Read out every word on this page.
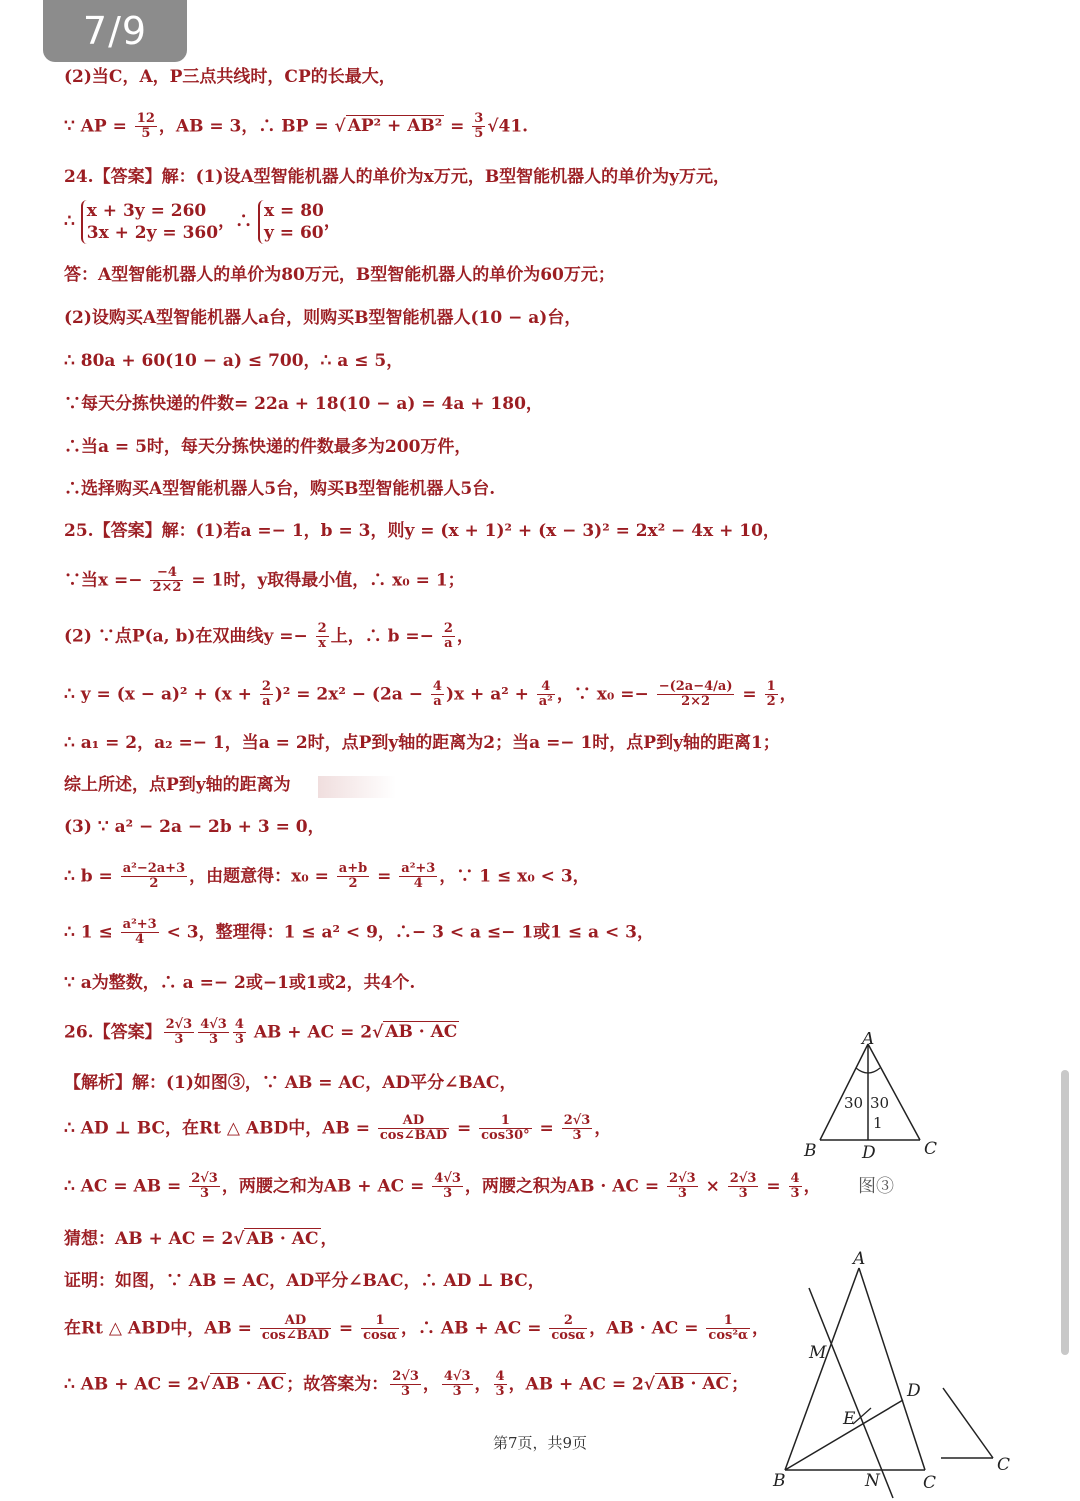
7/9
(2)当C，A，P三点共线时，CP的长最大，
∵ AP = $\frac{12}{5}$ ，AB = 3，∴ BP = √ $AP^2 + AB^2 = \frac{3}{5} √41$.
24.【答案】解：(1)设A型智能机器人的单价为x万元，B型智能机器人的单价为y万元，
∴
x + 3y = 260
3x + 2y = 360
，∴
x = 80
y = 60
，
答：A型智能机器人的单价为80万元，B型智能机器人的单价为60万元；
(2)设购买A型智能机器人a台，则购买B型智能机器人(10 − a)台，
∴ 80a + 60(10 − a) ≤ 700，∴ a ≤ 5，
∵每天分拣快递的件数= 22a + 18(10 − a) = 4a + 180，
∴当a = 5时，每天分拣快递的件数最多为200万件，
∴选择购买A型智能机器人5台，购买B型智能机器人5台.
25.【答案】解：(1)若a =− 1，b = 3，则y = (x + 1)² + (x − 3)² = 2x² − 4x + 10，
∵当$x =- \frac{-4}{2\times 2} = 1$时，y取得最小值，∴ x₀ = 1；
(2) ∵点P(a, b)在双曲线$y =- \frac{2}{x}$ 上，∴ $b =- \frac{2}{a}$ ，
∴ $y = (x - a)^2 + (x + \frac{2}{a} )^2 = 2x^2 - (2a - \frac{4}{a} )x + a^2 + \frac{4}{\text{a²}}$ ，∵ $x_0 =- \frac{-(2a-4/a)}{2\times 2} = \frac{1}{2}$ ，
∴ a₁ = 2，a₂ =− 1，当a = 2时，点P到y轴的距离为2；当a =− 1时，点P到y轴的距离1；
综上所述，点P到y轴的距离为
(3) ∵ a² − 2a − 2b + 3 = 0，
∴ $b = \frac{\text{a²−2a+3}}{2}$ ，由题意得：$x_0 = \frac{a+b}{2} = \frac{\text{a²+3}}{4}$ ，∵ 1 ≤ x₀ < 3，
∴ $1 \le \frac{\text{a²+3}}{4} < 3$，整理得：1 ≤ a² < 9，∴− 3 < a ≤− 1或1 ≤ a < 3，
∵ a为整数，∴ a =− 2或−1或1或2，共4个.
26.【答案】 $\frac{2√3}{3} \frac{4√3}{3} \frac{4}{3}$ AB + AC = 2√ AB · AC
【解析】解：(1)如图③，∵ AB = AC，AD平分∠BAC，
∴ AD ⊥ BC，在Rt △ ABD中，AB = $\frac{AD}{\text{cos∠BAD}} = \frac{1}{\cos 30^\circ} = \frac{2√3}{3}$ ，
∴ AC = AB = $\frac{2√3}{3}$ ，两腰之和为AB + AC = $\frac{4√3}{3}$ ，两腰之积为AB · AC = $\frac{2√3}{3} \times \frac{2√3}{3} = \frac{4}{3}$ ，
猜想：AB + AC = 2√ AB · AC ，
证明：如图，∵ AB = AC，AD平分∠BAC，∴ AD ⊥ BC，
在Rt △ ABD中，AB = $\frac{AD}{\text{cos∠BAD}} = \frac{1}{\cos\alpha}$ ，∴ AB + AC = $\frac{2}{\cos\alpha}$ ，AB · AC = $\frac{1}{\text{cos²α}}$ ，
∴ AB + AC = 2√ AB · AC ；故答案为： $\frac{2√3}{3}$ ， $\frac{4√3}{3}$ ， $\frac{4}{3}$ ，AB + AC = 2√ AB · AC ；
A
B	C
D
30 30
1
图③
A
B	C
C
D
E
M
N
第7页，共9页
